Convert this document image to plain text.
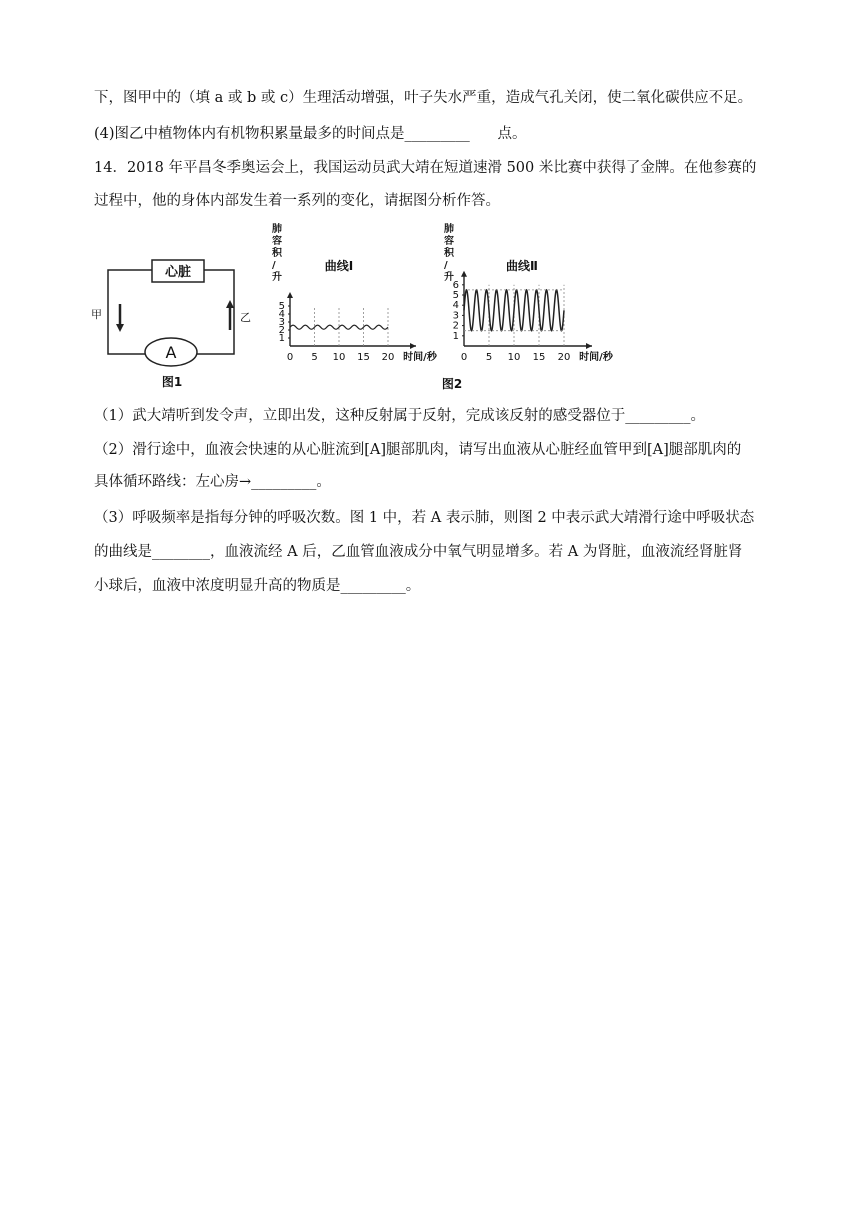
下，图甲中的（填 a 或 b 或 c）生理活动增强，叶子失水严重，造成气孔关闭，使二氧化碳供应不足。
(4)图乙中植物体内有机物积累量最多的时间点是_________      点。
14．2018 年平昌冬季奥运会上，我国运动员武大靖在短道速滑 500 米比赛中获得了金牌。在他参赛的
过程中，他的身体内部发生着一系列的变化，请据图分析作答。
心脏
A
甲	乙
图1
0 5 10 15 20
1
2
3
4
5
时间/秒
肺容积/升
曲线Ⅰ
0 5 10 15 20
1
2
3
4
5
6
时间/秒
肺容积/升
曲线Ⅱ
图2
（1）武大靖听到发令声，立即出发，这种反射属于反射，完成该反射的感受器位于_________。
（2）滑行途中，血液会快速的从心脏流到[A]腿部肌肉，请写出血液从心脏经血管甲到[A]腿部肌肉的
具体循环路线：左心房→_________。
（3）呼吸频率是指每分钟的呼吸次数。图 1 中，若 A 表示肺，则图 2 中表示武大靖滑行途中呼吸状态
的曲线是________，血液流经 A 后，乙血管血液成分中氧气明显增多。若 A 为肾脏，血液流经肾脏肾
小球后，血液中浓度明显升高的物质是_________。
